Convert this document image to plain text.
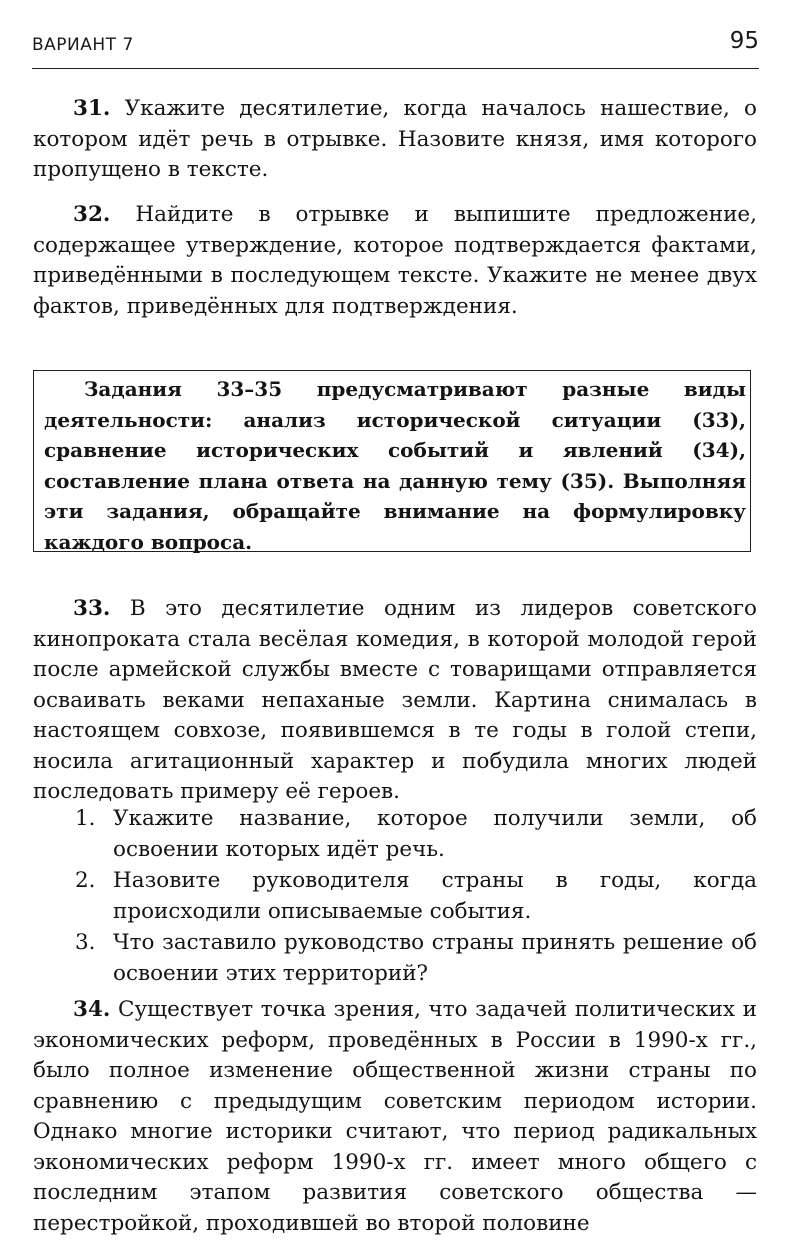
ВАРИАНТ 7	95
31. Укажите десятилетие, когда началось нашествие, о котором идёт речь в отрывке. Назовите князя, имя которого пропущено в тексте.
32. Найдите в отрывке и выпишите предложение, содержащее утверждение, которое подтверждается фактами, приведёнными в последующем тексте. Укажите не менее двух фактов, приведённых для подтверждения.

Задания 33–35 предусматривают разные виды деятельности: анализ исторической ситуации (33), сравнение исторических событий и явлений (34), составление плана ответа на данную тему (35). Выполняя эти задания, обращайте внимание на формулировку каждого вопроса.

33. В это десятилетие одним из лидеров советского кинопроката стала весёлая комедия, в которой молодой герой после армейской службы вместе с товарищами отправляется осваивать веками непаханые земли. Картина снималась в настоящем совхозе, появившемся в те годы в голой степи, носила агитационный характер и побудила многих людей последовать примеру её героев.
1. Укажите название, которое получили земли, об освоении которых идёт речь.
2. Назовите руководителя страны в годы, когда происходили описываемые события.
3. Что заставило руководство страны принять решение об освоении этих территорий?
34. Существует точка зрения, что задачей политических и экономических реформ, проведённых в России в 1990-х гг., было полное изменение общественной жизни страны по сравнению с предыдущим советским периодом истории. Однако многие историки считают, что период радикальных экономических реформ 1990-х гг. имеет много общего с последним этапом развития советского общества — перестройкой, проходившей во второй половине
